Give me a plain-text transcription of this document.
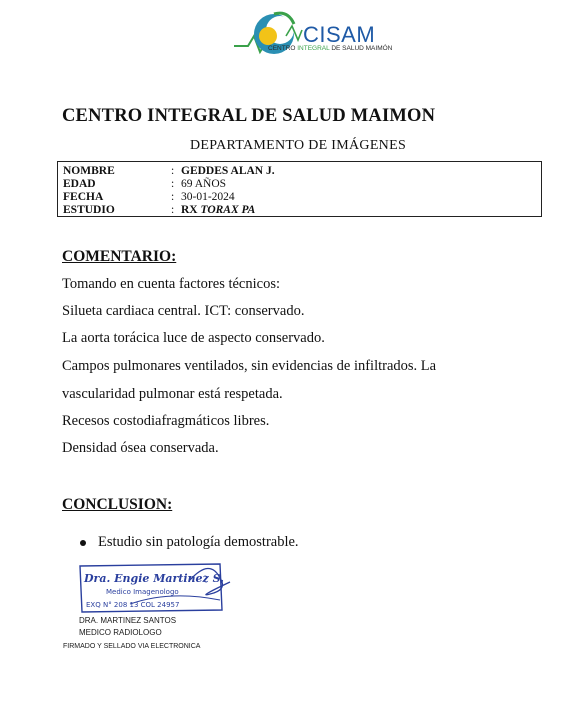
CISAM
CENTRO INTEGRAL DE SALUD MAIMÓN
CENTRO INTEGRAL DE SALUD MAIMON
DEPARTAMENTO DE IMÁGENES
NOMBRE	: GEDDES ALAN J.
EDAD	: 69 AÑOS
FECHA	: 30-01-2024
ESTUDIO	: RX TORAX PA
COMENTARIO:
Tomando en cuenta factores técnicos:
Silueta cardiaca central. ICT: conservado.
La aorta torácica luce de aspecto conservado.
Campos pulmonares ventilados, sin evidencias de infiltrados. La
vascularidad pulmonar está respetada.
Recesos costodiafragmáticos libres.
Densidad ósea conservada.
CONCLUSION:
Estudio sin patología demostrable.
Dra. Engie Martinez S.
Medico Imagenologo
EXQ N° 208 13 COL 24957
DRA. MARTINEZ SANTOS
MEDICO RADIOLOGO
FIRMADO Y SELLADO VIA ELECTRONICA
